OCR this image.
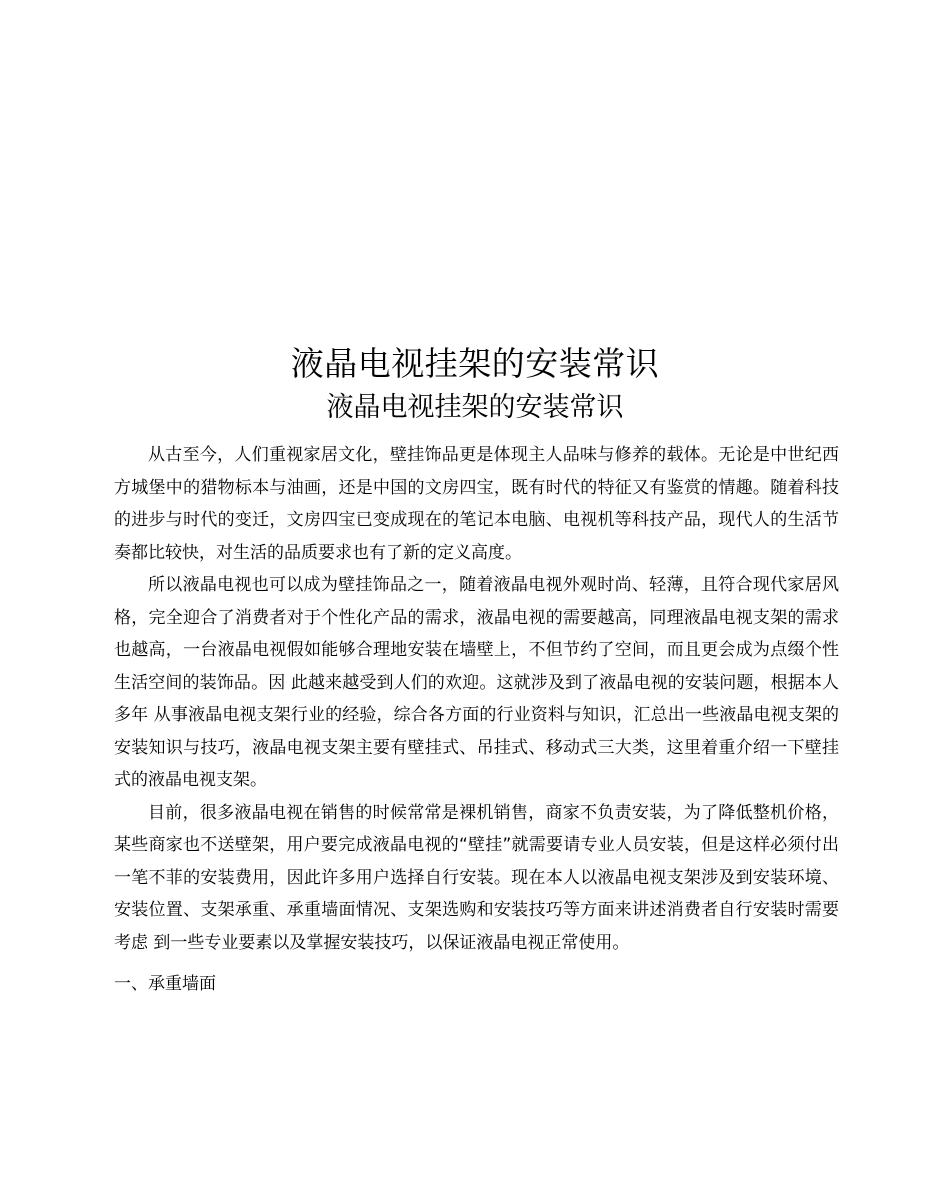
液晶电视挂架的安装常识
液晶电视挂架的安装常识

从古至今，人们重视家居文化，壁挂饰品更是体现主人品味与修养的载体。无论是中世纪西方城堡中的猎物标本与油画，还是中国的文房四宝，既有时代的特征又有鉴赏的情趣。随着科技的进步与时代的变迁，文房四宝已变成现在的笔记本电脑、电视机等科技产品，现代人的生活节奏都比较快，对生活的品质要求也有了新的定义高度。

所以液晶电视也可以成为壁挂饰品之一，随着液晶电视外观时尚、轻薄，且符合现代家居风格，完全迎合了消费者对于个性化产品的需求，液晶电视的需要越高，同理液晶电视支架的需求也越高，一台液晶电视假如能够合理地安装在墙壁上，不但节约了空间，而且更会成为点缀个性生活空间的装饰品。因 此越来越受到人们的欢迎。这就涉及到了液晶电视的安装问题，根据本人多年 从事液晶电视支架行业的经验，综合各方面的行业资料与知识，汇总出一些液晶电视支架的安装知识与技巧，液晶电视支架主要有壁挂式、吊挂式、移动式三大类，这里着重介绍一下壁挂式的液晶电视支架。

目前，很多液晶电视在销售的时候常常是裸机销售，商家不负责安装，为了降低整机价格，某些商家也不送壁架，用户要完成液晶电视的“壁挂”就需要请专业人员安装，但是这样必须付出一笔不菲的安装费用，因此许多用户选择自行安装。现在本人以液晶电视支架涉及到安装环境、安装位置、支架承重、承重墙面情况、支架选购和安装技巧等方面来讲述消费者自行安装时需要考虑 到一些专业要素以及掌握安装技巧，以保证液晶电视正常使用。

一、承重墙面
